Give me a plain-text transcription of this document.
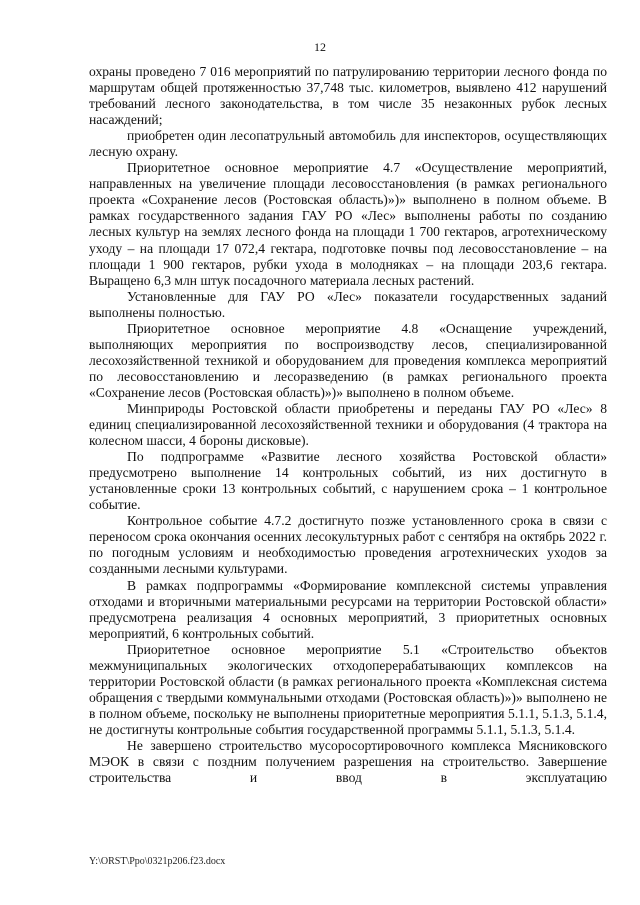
12

охраны проведено 7 016 мероприятий по патрулированию территории лесного фонда по маршрутам общей протяженностью 37,748 тыс. километров, выявлено 412 нарушений требований лесного законодательства, в том числе 35 незаконных рубок лесных насаждений;

приобретен один лесопатрульный автомобиль для инспекторов, осуществляющих лесную охрану.

Приоритетное основное мероприятие 4.7 «Осуществление мероприятий, направленных на увеличение площади лесовосстановления (в рамках регионального проекта «Сохранение лесов (Ростовская область)»)» выполнено в полном объеме. В рамках государственного задания ГАУ РО «Лес» выполнены работы по созданию лесных культур на землях лесного фонда на площади 1 700 гектаров, агротехническому уходу – на площади 17 072,4 гектара, подготовке почвы под лесовосстановление – на площади 1 900 гектаров, рубки ухода в молодняках – на площади 203,6 гектара. Выращено 6,3 млн штук посадочного материала лесных растений.

Установленные для ГАУ РО «Лес» показатели государственных заданий выполнены полностью.

Приоритетное основное мероприятие 4.8 «Оснащение учреждений, выполняющих мероприятия по воспроизводству лесов, специализированной лесохозяйственной техникой и оборудованием для проведения комплекса мероприятий по лесовосстановлению и лесоразведению (в рамках регионального проекта «Сохранение лесов (Ростовская область)»)» выполнено в полном объеме.

Минприроды Ростовской области приобретены и переданы ГАУ РО «Лес» 8 единиц специализированной лесохозяйственной техники и оборудования (4 трактора на колесном шасси, 4 бороны дисковые).

По подпрограмме «Развитие лесного хозяйства Ростовской области» предусмотрено выполнение 14 контрольных событий, из них достигнуто в установленные сроки 13 контрольных событий, с нарушением срока – 1 контрольное событие.

Контрольное событие 4.7.2 достигнуто позже установленного срока в связи с переносом срока окончания осенних лесокультурных работ с сентября на октябрь 2022 г. по погодным условиям и необходимостью проведения агротехнических уходов за созданными лесными культурами.

В рамках подпрограммы «Формирование комплексной системы управления отходами и вторичными материальными ресурсами на территории Ростовской области» предусмотрена реализация 4 основных мероприятий, 3 приоритетных основных мероприятий, 6 контрольных событий.

Приоритетное основное мероприятие 5.1 «Строительство объектов межмуниципальных экологических отходоперерабатывающих комплексов на территории Ростовской области (в рамках регионального проекта «Комплексная система обращения с твердыми коммунальными отходами (Ростовская область)»)» выполнено не в полном объеме, поскольку не выполнены приоритетные мероприятия 5.1.1, 5.1.3, 5.1.4, не достигнуты контрольные события государственной программы 5.1.1, 5.1.3, 5.1.4.

Не завершено строительство мусоросортировочного комплекса Мясниковского МЭОК в связи с поздним получением разрешения на строительство. Завершение строительства и ввод в эксплуатацию

Y:\ORST\Ppo\0321p206.f23.docx
